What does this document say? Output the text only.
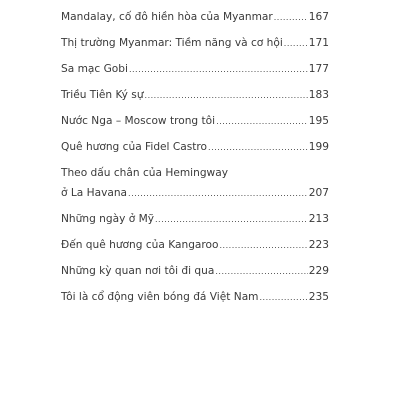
Mandalay, cố đô hiền hòa của Myanmar .....	167
Thị trường Myanmar: Tiềm năng và cơ hội ..... 171
Sa mạc Gobi .....	177
Triều Tiên Ký sự .....	183
Nước Nga – Moscow trong tôi .....	195
Quê hương của Fidel Castro .....	199
Theo dấu chân của Hemingway
ở La Havana .....	207
Những ngày ở Mỹ .....	213
Đến quê hương của Kangaroo .....	223
Những kỳ quan nơi tôi đi qua .....	229
Tôi là cổ động viên bóng đá Việt Nam .....	235
